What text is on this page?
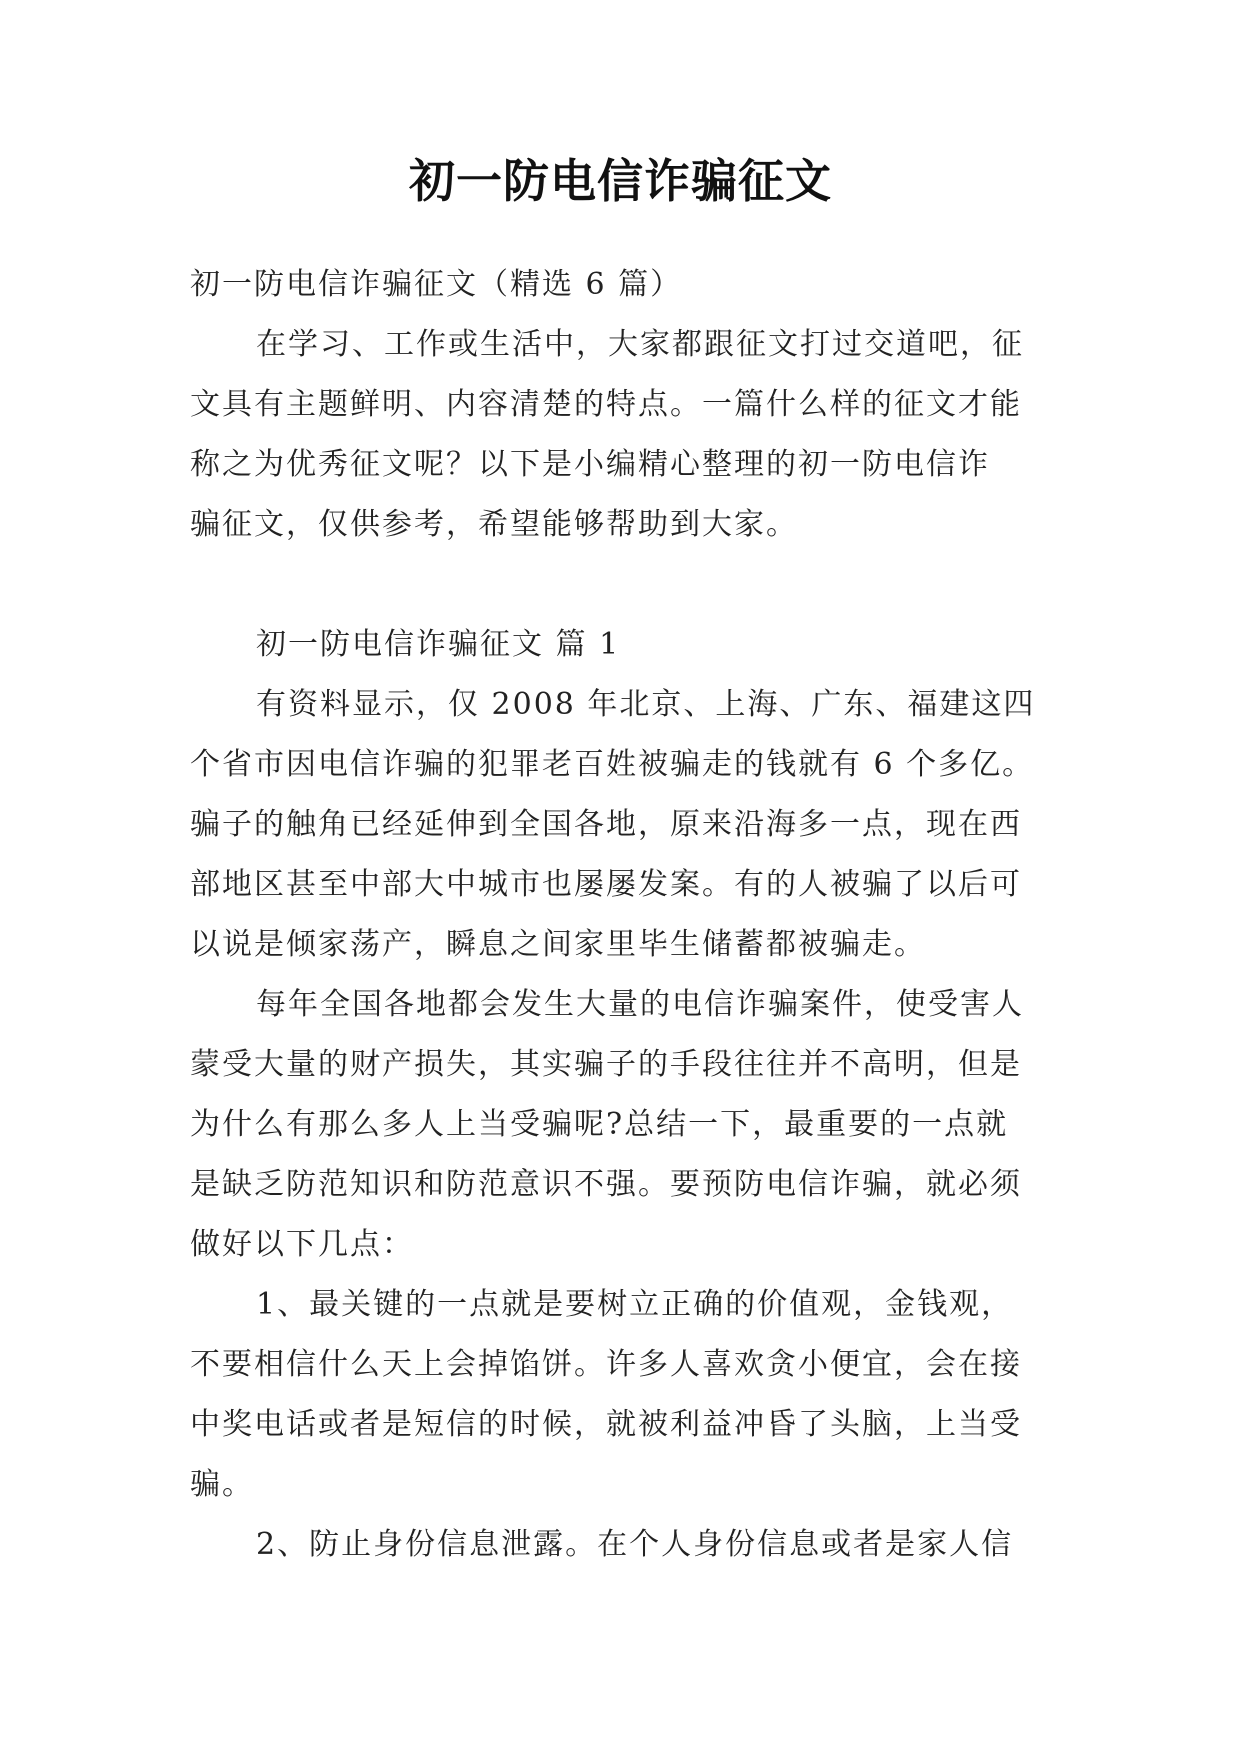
初一防电信诈骗征文
初一防电信诈骗征文（精选 6 篇）
在学习、工作或生活中，大家都跟征文打过交道吧，征
文具有主题鲜明、内容清楚的特点。一篇什么样的征文才能
称之为优秀征文呢？以下是小编精心整理的初一防电信诈
骗征文，仅供参考，希望能够帮助到大家。
初一防电信诈骗征文 篇 1
有资料显示，仅 2008 年北京、上海、广东、福建这四
个省市因电信诈骗的犯罪老百姓被骗走的钱就有 6 个多亿。
骗子的触角已经延伸到全国各地，原来沿海多一点，现在西
部地区甚至中部大中城市也屡屡发案。有的人被骗了以后可
以说是倾家荡产，瞬息之间家里毕生储蓄都被骗走。
每年全国各地都会发生大量的电信诈骗案件，使受害人
蒙受大量的财产损失，其实骗子的手段往往并不高明，但是
为什么有那么多人上当受骗呢?总结一下，最重要的一点就
是缺乏防范知识和防范意识不强。要预防电信诈骗，就必须
做好以下几点：
1、最关键的一点就是要树立正确的价值观，金钱观，
不要相信什么天上会掉馅饼。许多人喜欢贪小便宜，会在接
中奖电话或者是短信的时候，就被利益冲昏了头脑，上当受
骗。
2、防止身份信息泄露。在个人身份信息或者是家人信
